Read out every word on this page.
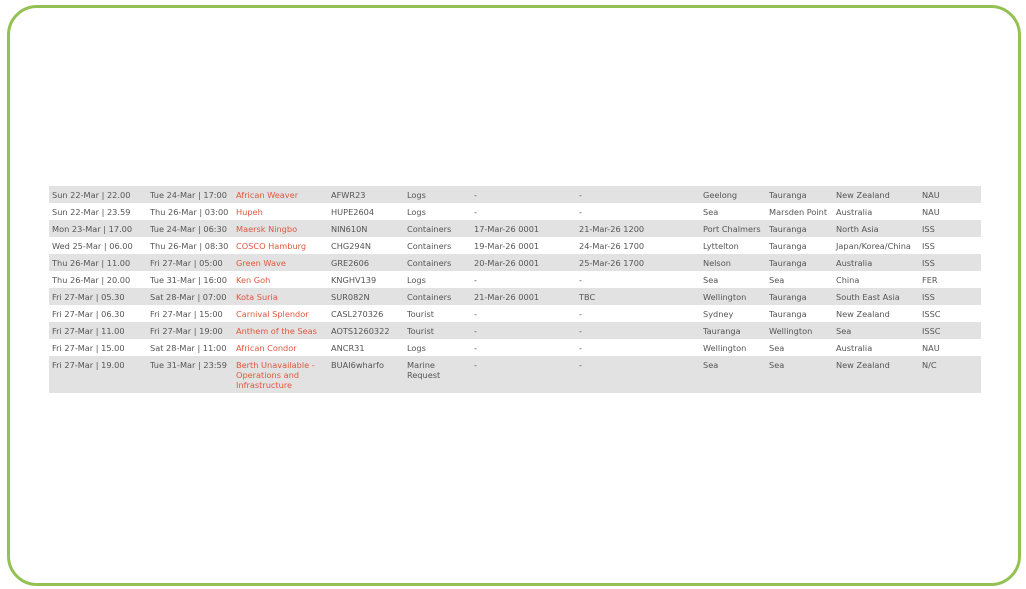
Sun 22-Mar | 22.00	Tue 24-Mar | 17:00	African Weaver	AFWR23	Logs	-	-	Geelong	Tauranga	New Zealand	NAU
Sun 22-Mar | 23.59	Thu 26-Mar | 03:00	Hupeh	HUPE2604	Logs	-	-	Sea	Marsden Point	Australia	NAU
Mon 23-Mar | 17.00	Tue 24-Mar | 06:30	Maersk Ningbo	NIN610N	Containers	17-Mar-26 0001	21-Mar-26 1200	Port Chalmers	Tauranga	North Asia	ISS
Wed 25-Mar | 06.00	Thu 26-Mar | 08:30	COSCO Hamburg	CHG294N	Containers	19-Mar-26 0001	24-Mar-26 1700	Lyttelton	Tauranga	Japan/Korea/China	ISS
Thu 26-Mar | 11.00	Fri 27-Mar | 05:00	Green Wave	GRE2606	Containers	20-Mar-26 0001	25-Mar-26 1700	Nelson	Tauranga	Australia	ISS
Thu 26-Mar | 20.00	Tue 31-Mar | 16:00	Ken Goh	KNGHV139	Logs	-	-	Sea	Sea	China	FER
Fri 27-Mar | 05.30	Sat 28-Mar | 07:00	Kota Suria	SUR082N	Containers	21-Mar-26 0001	TBC	Wellington	Tauranga	South East Asia	ISS
Fri 27-Mar | 06.30	Fri 27-Mar | 15:00	Carnival Splendor	CASL270326	Tourist	-	-	Sydney	Tauranga	New Zealand	ISSC
Fri 27-Mar | 11.00	Fri 27-Mar | 19:00	Anthem of the Seas	AOTS1260322	Tourist	-	-	Tauranga	Wellington	Sea	ISSC
Fri 27-Mar | 15.00	Sat 28-Mar | 11:00	African Condor	ANCR31	Logs	-	-	Wellington	Sea	Australia	NAU
Fri 27-Mar | 19.00	Tue 31-Mar | 23:59	Berth Unavailable - Operations and Infrastructure	BUAI6wharfo	Marine Request	-	-	Sea	Sea	New Zealand	N/C
